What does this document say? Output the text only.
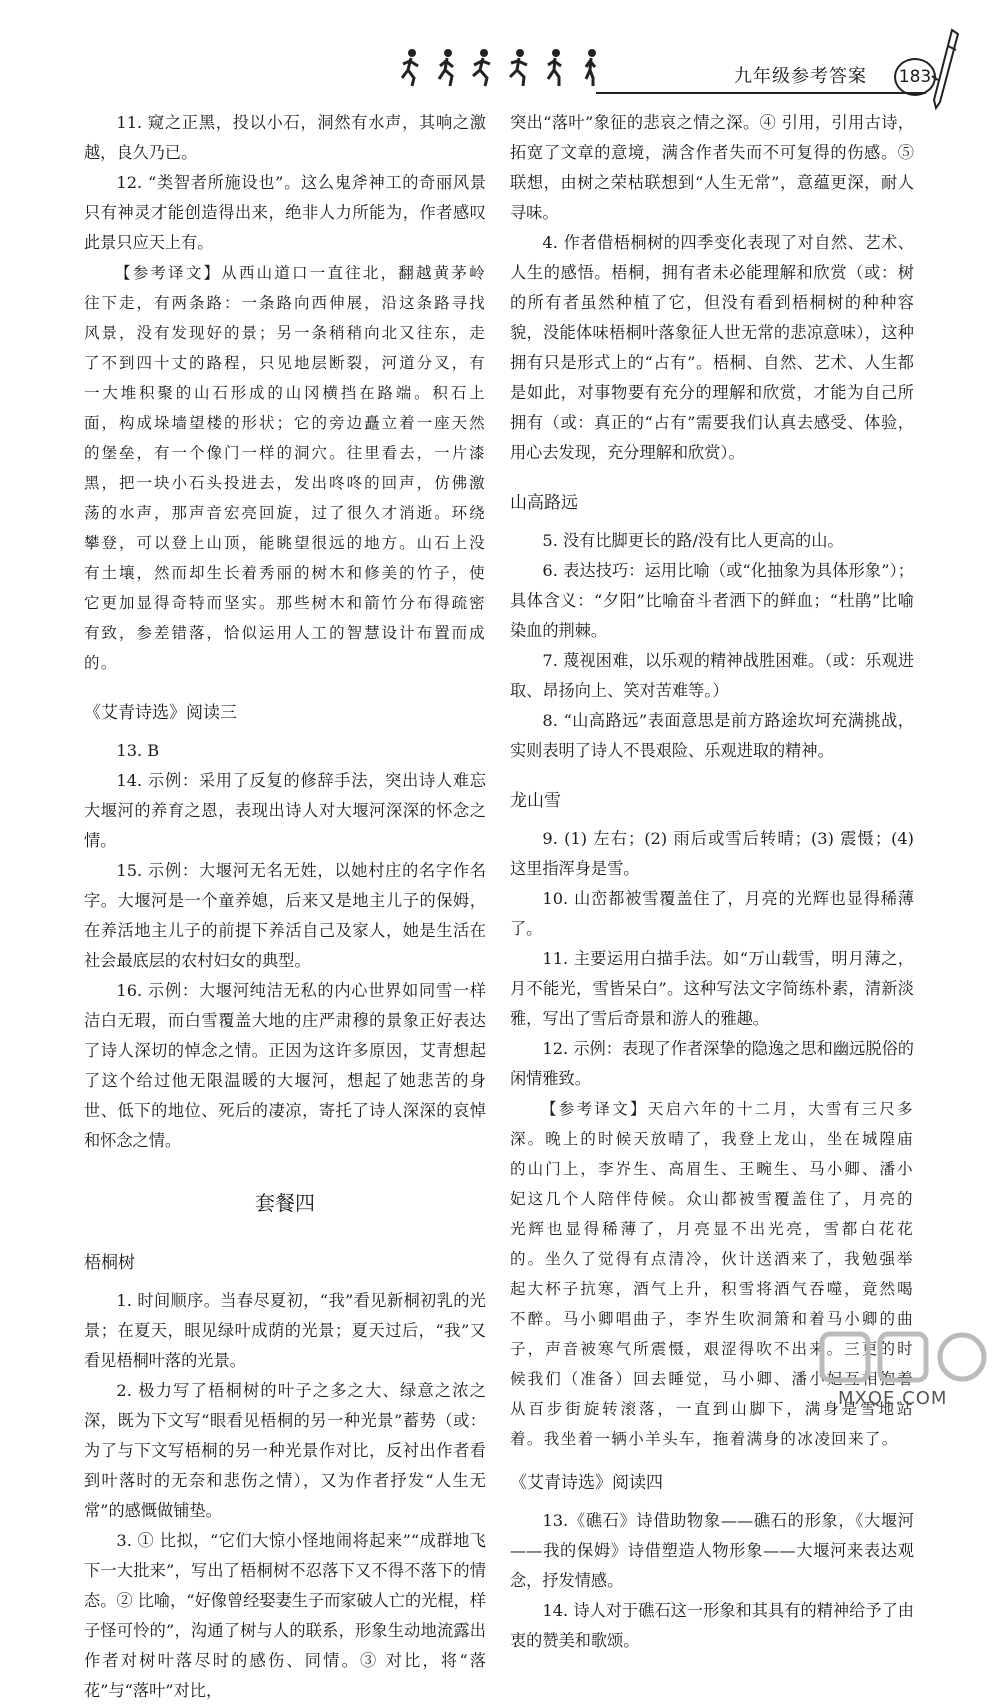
九年级参考答案 183

11. 窥之正黑，投以小石，洞然有水声，其响之激越，良久乃已。

12. “类智者所施设也”。这么鬼斧神工的奇丽风景只有神灵才能创造得出来，绝非人力所能为，作者感叹此景只应天上有。

【参考译文】从西山道口一直往北，翻越黄茅岭往下走，有两条路：一条路向西伸展，沿这条路寻找风景，没有发现好的景；另一条稍稍向北又往东，走了不到四十丈的路程，只见地层断裂，河道分叉，有一大堆积聚的山石形成的山冈横挡在路端。积石上面，构成垛墙望楼的形状；它的旁边矗立着一座天然的堡垒，有一个像门一样的洞穴。往里看去，一片漆黑，把一块小石头投进去，发出咚咚的回声，仿佛激荡的水声，那声音宏亮回旋，过了很久才消逝。环绕攀登，可以登上山顶，能眺望很远的地方。山石上没有土壤，然而却生长着秀丽的树木和修美的竹子，使它更加显得奇特而坚实。那些树木和箭竹分布得疏密有致，参差错落，恰似运用人工的智慧设计布置而成的。

《艾青诗选》阅读三

13. B

14. 示例：采用了反复的修辞手法，突出诗人难忘大堰河的养育之恩，表现出诗人对大堰河深深的怀念之情。

15. 示例：大堰河无名无姓，以她村庄的名字作名字。大堰河是一个童养媳，后来又是地主儿子的保姆，在养活地主儿子的前提下养活自己及家人，她是生活在社会最底层的农村妇女的典型。

16. 示例：大堰河纯洁无私的内心世界如同雪一样洁白无瑕，而白雪覆盖大地的庄严肃穆的景象正好表达了诗人深切的悼念之情。正因为这许多原因，艾青想起了这个给过他无限温暖的大堰河，想起了她悲苦的身世、低下的地位、死后的凄凉，寄托了诗人深深的哀悼和怀念之情。

套餐四
梧桐树

1. 时间顺序。当春尽夏初，“我”看见新桐初乳的光景；在夏天，眼见绿叶成荫的光景；夏天过后，“我”又看见梧桐叶落的光景。

2. 极力写了梧桐树的叶子之多之大、绿意之浓之深，既为下文写“眼看见梧桐的另一种光景”蓄势（或：为了与下文写梧桐的另一种光景作对比，反衬出作者看到叶落时的无奈和悲伤之情），又为作者抒发“人生无常”的感慨做铺垫。

3. ① 比拟，“它们大惊小怪地闹将起来”“成群地飞下一大批来”，写出了梧桐树不忍落下又不得不落下的情态。② 比喻，“好像曾经娶妻生子而家破人亡的光棍，样子怪可怜的”，沟通了树与人的联系，形象生动地流露出作者对树叶落尽时的感伤、同情。③ 对比，将“落花”与“落叶”对比，

突出“落叶”象征的悲哀之情之深。④ 引用，引用古诗，拓宽了文章的意境，满含作者失而不可复得的伤感。⑤ 联想，由树之荣枯联想到“人生无常”，意蕴更深，耐人寻味。

4. 作者借梧桐树的四季变化表现了对自然、艺术、人生的感悟。梧桐，拥有者未必能理解和欣赏（或：树的所有者虽然种植了它，但没有看到梧桐树的种种容貌，没能体味梧桐叶落象征人世无常的悲凉意味），这种拥有只是形式上的“占有”。梧桐、自然、艺术、人生都是如此，对事物要有充分的理解和欣赏，才能为自己所拥有（或：真正的“占有”需要我们认真去感受、体验，用心去发现，充分理解和欣赏）。

山高路远

5. 没有比脚更长的路/没有比人更高的山。

6. 表达技巧：运用比喻（或“化抽象为具体形象”）；具体含义：“夕阳”比喻奋斗者洒下的鲜血；“杜鹃”比喻染血的荆棘。

7. 蔑视困难，以乐观的精神战胜困难。（或：乐观进取、昂扬向上、笑对苦难等。）

8. “山高路远”表面意思是前方路途坎坷充满挑战，实则表明了诗人不畏艰险、乐观进取的精神。

龙山雪

9. (1) 左右；(2) 雨后或雪后转晴；(3) 震慑；(4) 这里指浑身是雪。

10. 山峦都被雪覆盖住了，月亮的光辉也显得稀薄了。

11. 主要运用白描手法。如“万山载雪，明月薄之，月不能光，雪皆呆白”。这种写法文字简练朴素，清新淡雅，写出了雪后奇景和游人的雅趣。

12. 示例：表现了作者深挚的隐逸之思和幽远脱俗的闲情雅致。

【参考译文】天启六年的十二月，大雪有三尺多深。晚上的时候天放晴了，我登上龙山，坐在城隍庙的山门上，李岕生、高眉生、王畹生、马小卿、潘小妃这几个人陪伴侍候。众山都被雪覆盖住了，月亮的光辉也显得稀薄了，月亮显不出光亮，雪都白花花的。坐久了觉得有点清冷，伙计送酒来了，我勉强举起大杯子抗寒，酒气上升，积雪将酒气吞噬，竟然喝不醉。马小卿唱曲子，李岕生吹洞箫和着马小卿的曲子，声音被寒气所震慑，艰涩得吹不出来。三更的时候我们（准备）回去睡觉，马小卿、潘小妃互相抱着从百步街旋转滚落，一直到山脚下，满身是雪地站着。我坐着一辆小羊头车，拖着满身的冰凌回来了。

《艾青诗选》阅读四

13.《礁石》诗借助物象——礁石的形象，《大堰河——我的保姆》诗借塑造人物形象——大堰河来表达观念，抒发情感。

14. 诗人对于礁石这一形象和其具有的精神给予了由衷的赞美和歌颂。

MXQE.COM
